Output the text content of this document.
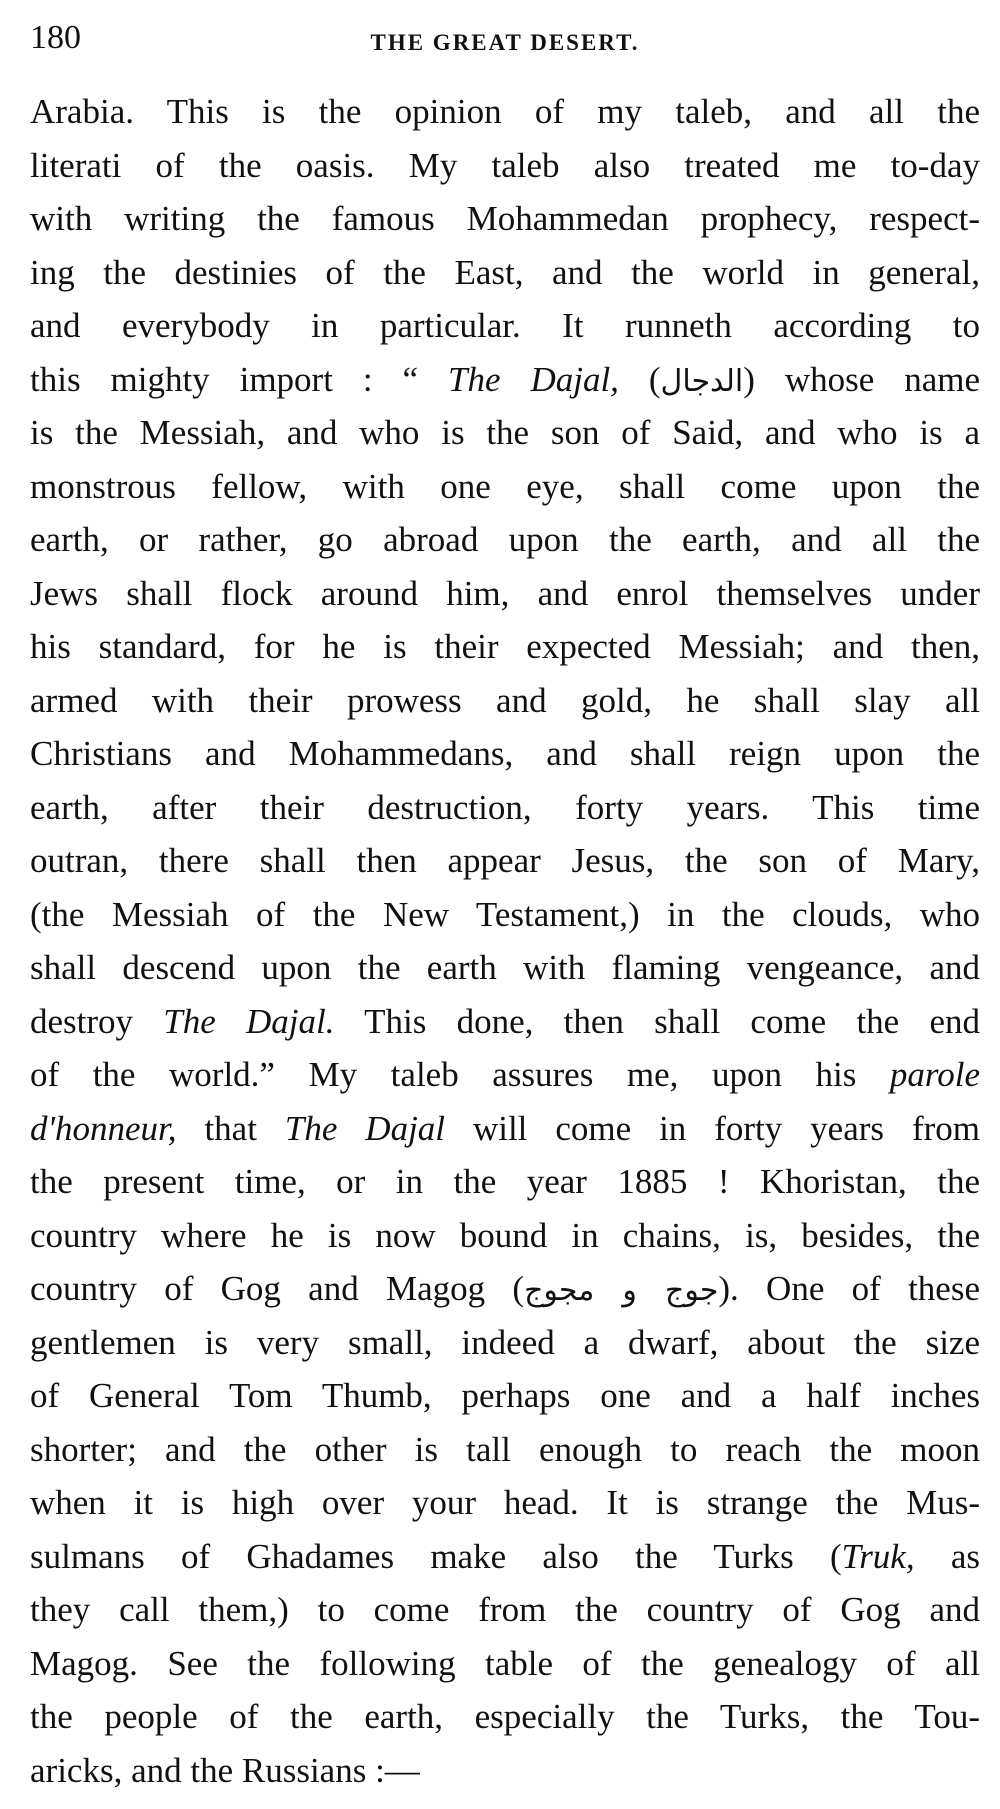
180	THE GREAT DESERT.
Arabia. This is the opinion of my taleb, and all the
literati of the oasis. My taleb also treated me to-day
with writing the famous Mohammedan prophecy, respect-
ing the destinies of the East, and the world in general,
and everybody in particular. It runneth according to
this mighty import : “ The Dajal, (الدجال) whose name
is the Messiah, and who is the son of Said, and who is a
monstrous fellow, with one eye, shall come upon the
earth, or rather, go abroad upon the earth, and all the
Jews shall flock around him, and enrol themselves under
his standard, for he is their expected Messiah; and then,
armed with their prowess and gold, he shall slay all
Christians and Mohammedans, and shall reign upon the
earth, after their destruction, forty years. This time
outran, there shall then appear Jesus, the son of Mary,
(the Messiah of the New Testament,) in the clouds, who
shall descend upon the earth with flaming vengeance, and
destroy The Dajal. This done, then shall come the end
of the world.” My taleb assures me, upon his parole
d'honneur, that The Dajal will come in forty years from
the present time, or in the year 1885 ! Khoristan, the
country where he is now bound in chains, is, besides, the
country of Gog and Magog (جوج و مجوج). One of these
gentlemen is very small, indeed a dwarf, about the size
of General Tom Thumb, perhaps one and a half inches
shorter; and the other is tall enough to reach the moon
when it is high over your head. It is strange the Mus-
sulmans of Ghadames make also the Turks (Truk, as
they call them,) to come from the country of Gog and
Magog. See the following table of the genealogy of all
the people of the earth, especially the Turks, the Tou-
aricks, and the Russians :—
